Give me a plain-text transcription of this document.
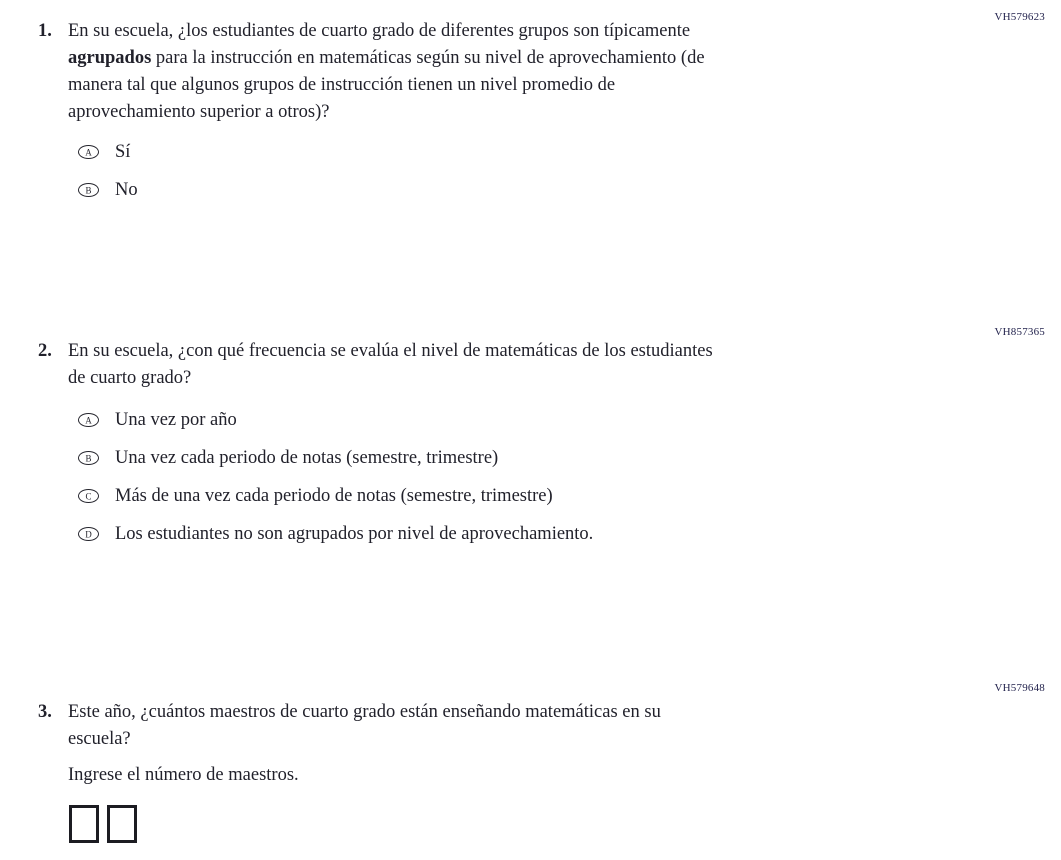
VH579623
1. En su escuela, ¿los estudiantes de cuarto grado de diferentes grupos son típicamente
agrupados para la instrucción en matemáticas según su nivel de aprovechamiento (de
manera tal que algunos grupos de instrucción tienen un nivel promedio de
aprovechamiento superior a otros)?

A Sí
B No
VH857365
2. En su escuela, ¿con qué frecuencia se evalúa el nivel de matemáticas de los estudiantes
de cuarto grado?

A Una vez por año
B Una vez cada periodo de notas (semestre, trimestre)
C Más de una vez cada periodo de notas (semestre, trimestre)
D Los estudiantes no son agrupados por nivel de aprovechamiento.
VH579648
3. Este año, ¿cuántos maestros de cuarto grado están enseñando matemáticas en su
escuela?

Ingrese el número de maestros.
